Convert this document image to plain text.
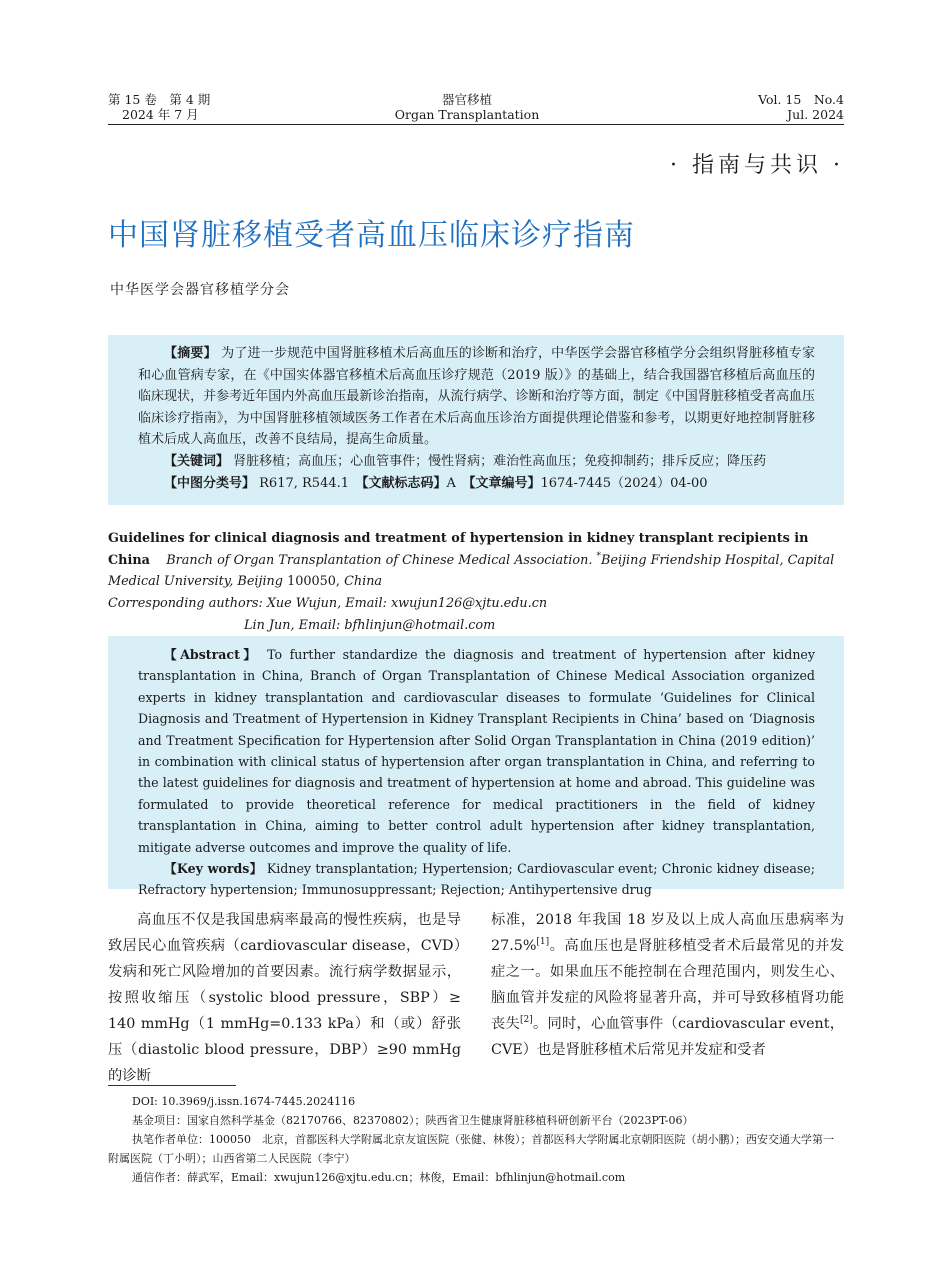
第 15 卷　第 4 期
2024 年 7 月
器官移植
Organ Transplantation
Vol. 15　No.4
Jul. 2024
· 指南与共识 ·
中国肾脏移植受者高血压临床诊疗指南
中华医学会器官移植学分会

【摘要】 为了进一步规范中国肾脏移植术后高血压的诊断和治疗，中华医学会器官移植学分会组织肾脏移植专家和心血管病专家，在《中国实体器官移植术后高血压诊疗规范（2019 版）》的基础上，结合我国器官移植后高血压的临床现状，并参考近年国内外高血压最新诊治指南，从流行病学、诊断和治疗等方面，制定《中国肾脏移植受者高血压临床诊疗指南》，为中国肾脏移植领域医务工作者在术后高血压诊治方面提供理论借鉴和参考，以期更好地控制肾脏移植术后成人高血压，改善不良结局，提高生命质量。

【关键词】 肾脏移植；高血压；心血管事件；慢性肾病；难治性高血压；免疫抑制药；排斥反应；降压药

【中图分类号】 R617, R544.1　【文献标志码】A　【文章编号】1674-7445（2024）04-00

Guidelines for clinical diagnosis and treatment of hypertension in kidney transplant recipients in China Branch of Organ Transplantation of Chinese Medical Association. *Beijing Friendship Hospital, Capital Medical University, Beijing 100050, China
Corresponding authors: Xue Wujun, Email: xwujun126@xjtu.edu.cn
Lin Jun, Email: bfhlinjun@hotmail.com

【Abstract】 To further standardize the diagnosis and treatment of hypertension after kidney transplantation in China, Branch of Organ Transplantation of Chinese Medical Association organized experts in kidney transplantation and cardiovascular diseases to formulate ‘Guidelines for Clinical Diagnosis and Treatment of Hypertension in Kidney Transplant Recipients in China’ based on ‘Diagnosis and Treatment Specification for Hypertension after Solid Organ Transplantation in China (2019 edition)’ in combination with clinical status of hypertension after organ transplantation in China, and referring to the latest guidelines for diagnosis and treatment of hypertension at home and abroad. This guideline was formulated to provide theoretical reference for medical practitioners in the field of kidney transplantation in China, aiming to better control adult hypertension after kidney transplantation, mitigate adverse outcomes and improve the quality of life.

【Key words】 Kidney transplantation; Hypertension; Cardiovascular event; Chronic kidney disease; Refractory hypertension; Immunosuppressant; Rejection; Antihypertensive drug

高血压不仅是我国患病率最高的慢性疾病，也是导致居民心血管疾病（cardiovascular disease，CVD）发病和死亡风险增加的首要因素。流行病学数据显示，按照收缩压（systolic blood pressure，SBP）≥ 140 mmHg（1 mmHg=0.133 kPa）和（或）舒张压（diastolic blood pressure，DBP）≥90 mmHg 的诊断

标准，2018 年我国 18 岁及以上成人高血压患病率为 27.5%[1]。高血压也是肾脏移植受者术后最常见的并发症之一。如果血压不能控制在合理范围内，则发生心、脑血管并发症的风险将显著升高，并可导致移植肾功能丧失[2]。同时，心血管事件（cardiovascular event，CVE）也是肾脏移植术后常见并发症和受者

DOI: 10.3969/j.issn.1674-7445.2024116
基金项目：国家自然科学基金（82170766、82370802）；陕西省卫生健康肾脏移植科研创新平台（2023PT-06）
执笔作者单位：100050　北京，首都医科大学附属北京友谊医院（张健、林俊）；首都医科大学附属北京朝阳医院（胡小鹏）；西安交通大学第一附属医院（丁小明）；山西省第二人民医院（李宁）
通信作者：薛武军，Email：xwujun126@xjtu.edu.cn；林俊，Email：bfhlinjun@hotmail.com
